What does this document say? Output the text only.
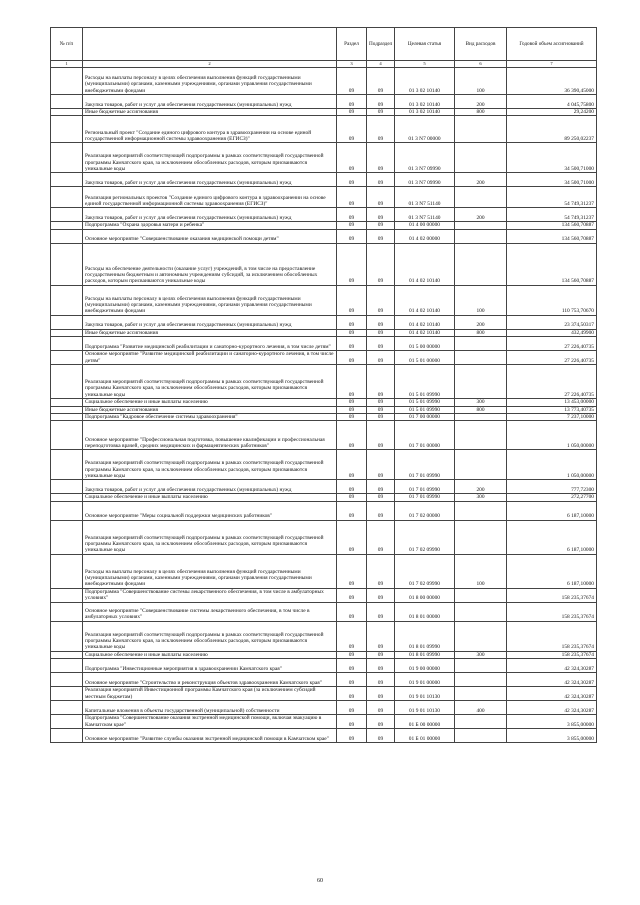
№ п/п		Раздел	Подраздел	Целевая статья	Вид расходов	Годовой объем ассигнований
1	2	3	4	5	6	7
	Расходы на выплаты персоналу в целях обеспечения выполнения функций государственными (муниципальными) органами, казенными учреждениями, органами управления государственными внебюджетными фондами	09	09	01 3 02 10140	100	36 390,45000
	Закупка товаров, работ и услуг для обеспечения государственных (муниципальных) нужд	09	09	01 3 02 10140	200	4 045,75800
	Иные бюджетные ассигнования	09	09	01 3 02 10140	800	29,24200
	Региональный проект "Создание единого цифрового контура в здравоохранении на основе единой государственной информационной системы здравоохранения (ЕГИСЗ)"	09	09	01 3 N7 00000		89 250,02237
	Реализация мероприятий соответствующей подпрограммы в рамках соответствующей государственной программы Камчатского края, за исключением обособленных расходов, которым присваиваются уникальные коды	09	09	01 3 N7 09990		34 500,71000
	Закупка товаров, работ и услуг для обеспечения государственных (муниципальных) нужд	09	09	01 3 N7 09990	200	34 500,71000
	Реализация региональных проектов "Создание единого цифрового контура в здравоохранении на основе единой государственной информационной системы здравоохранения (ЕГИСЗ)"	09	09	01 3 N7 51140		54 749,31237
	Закупка товаров, работ и услуг для обеспечения государственных (муниципальных) нужд	09	09	01 3 N7 51140	200	54 749,31237
	Подпрограмма "Охрана здоровья матери и ребенка"	09	09	01 4 00 00000		134 560,70887
	Основное мероприятие "Совершенствование оказания медицинской помощи детям"	09	09	01 4 02 00000		134 560,70887
	Расходы на обеспечение деятельности (оказание услуг) учреждений, в том числе на предоставление государственным бюджетным и автономным учреждениям субсидий, за исключением обособленных расходов, которым присваиваются уникальные коды	09	09	01 4 02 10140		134 560,70887
	Расходы на выплаты персоналу в целях обеспечения выполнения функций государственными (муниципальными) органами, казенными учреждениями, органами управления государственными внебюджетными фондами	09	09	01 4 02 10140	100	110 753,70670
	Закупка товаров, работ и услуг для обеспечения государственных (муниципальных) нужд	09	09	01 4 02 10140	200	23 374,50317
	Иные бюджетные ассигнования	09	09	01 4 02 10140	800	432,49900
	Подпрограмма "Развитие медицинской реабилитации и санаторно-курортного лечения, в том числе детям"	09	09	01 5 00 00000		27 226,40735
	Основное мероприятие "Развитие медицинской реабилитации и санаторно-курортного лечения, в том числе детям"	09	09	01 5 01 00000		27 226,40735
	Реализация мероприятий соответствующей подпрограммы в рамках соответствующей государственной программы Камчатского края, за исключением обособленных расходов, которым присваиваются уникальные коды	09	09	01 5 01 09990		27 226,40735
	Социальное обеспечение и иные выплаты населению	09	09	01 5 01 09990	300	13 453,00000
	Иные бюджетные ассигнования	09	09	01 5 01 09990	800	13 773,40735
	Подпрограмма "Кадровое обеспечение системы здравоохранения"	09	09	01 7 00 00000		7 237,10000
	Основное мероприятие "Профессиональная подготовка, повышение квалификации и профессиональная переподготовка врачей, средних медицинских и фармацевтических работников"	09	09	01 7 01 00000		1 050,00000
	Реализация мероприятий соответствующей подпрограммы в рамках соответствующей государственной программы Камчатского края, за исключением обособленных расходов, которым присваиваются уникальные коды	09	09	01 7 01 09990		1 050,00000
	Закупка товаров, работ и услуг для обеспечения государственных (муниципальных) нужд	09	09	01 7 01 09990	200	777,72300
	Социальное обеспечение и иные выплаты населению	09	09	01 7 01 09990	300	272,27700
	Основное мероприятие "Меры социальной поддержки медицинских работников"	09	09	01 7 02 00000		6 187,10000
	Реализация мероприятий соответствующей подпрограммы в рамках соответствующей государственной программы Камчатского края, за исключением обособленных расходов, которым присваиваются уникальные коды	09	09	01 7 02 09990		6 187,10000
	Расходы на выплаты персоналу в целях обеспечения выполнения функций государственными (муниципальными) органами, казенными учреждениями, органами управления государственными внебюджетными фондами	09	09	01 7 02 09990	100	6 187,10000
	Подпрограмма "Совершенствование системы лекарственного обеспечения, в том числе в амбулаторных условиях"	09	09	01 8 00 00000		158 235,37674
	Основное мероприятие "Совершенствование системы лекарственного обеспечения, в том числе в амбулаторных условиях"	09	09	01 8 01 00000		158 235,37674
	Реализация мероприятий соответствующей подпрограммы в рамках соответствующей государственной программы Камчатского края, за исключением обособленных расходов, которым присваиваются уникальные коды	09	09	01 8 01 09990		158 235,37674
	Социальное обеспечение и иные выплаты населению	09	09	01 8 01 09990	300	158 235,37674
	Подпрограмма "Инвестиционные мероприятия в здравоохранении Камчатского края"	09	09	01 9 00 00000		42 324,30287
	Основное мероприятие "Строительство и реконструкция объектов здравоохранения Камчатского края"	09	09	01 9 01 00000		42 324,30287
	Реализация мероприятий Инвестиционной программы Камчатского края (за исключением субсидий местным бюджетам)	09	09	01 9 01 10130		42 324,30287
	Капитальные вложения в объекты государственной (муниципальной) собственности	09	09	01 9 01 10130	400	42 324,30287
	Подпрограмма "Совершенствование оказания экстренной медицинской помощи, включая эвакуацию в Камчатском крае"	09	09	01 Б 00 00000		3 855,00000
	Основное мероприятие "Развитие службы оказания экстренной медицинской помощи в Камчатском крае"	09	09	01 Б 01 00000		3 855,00000
60
